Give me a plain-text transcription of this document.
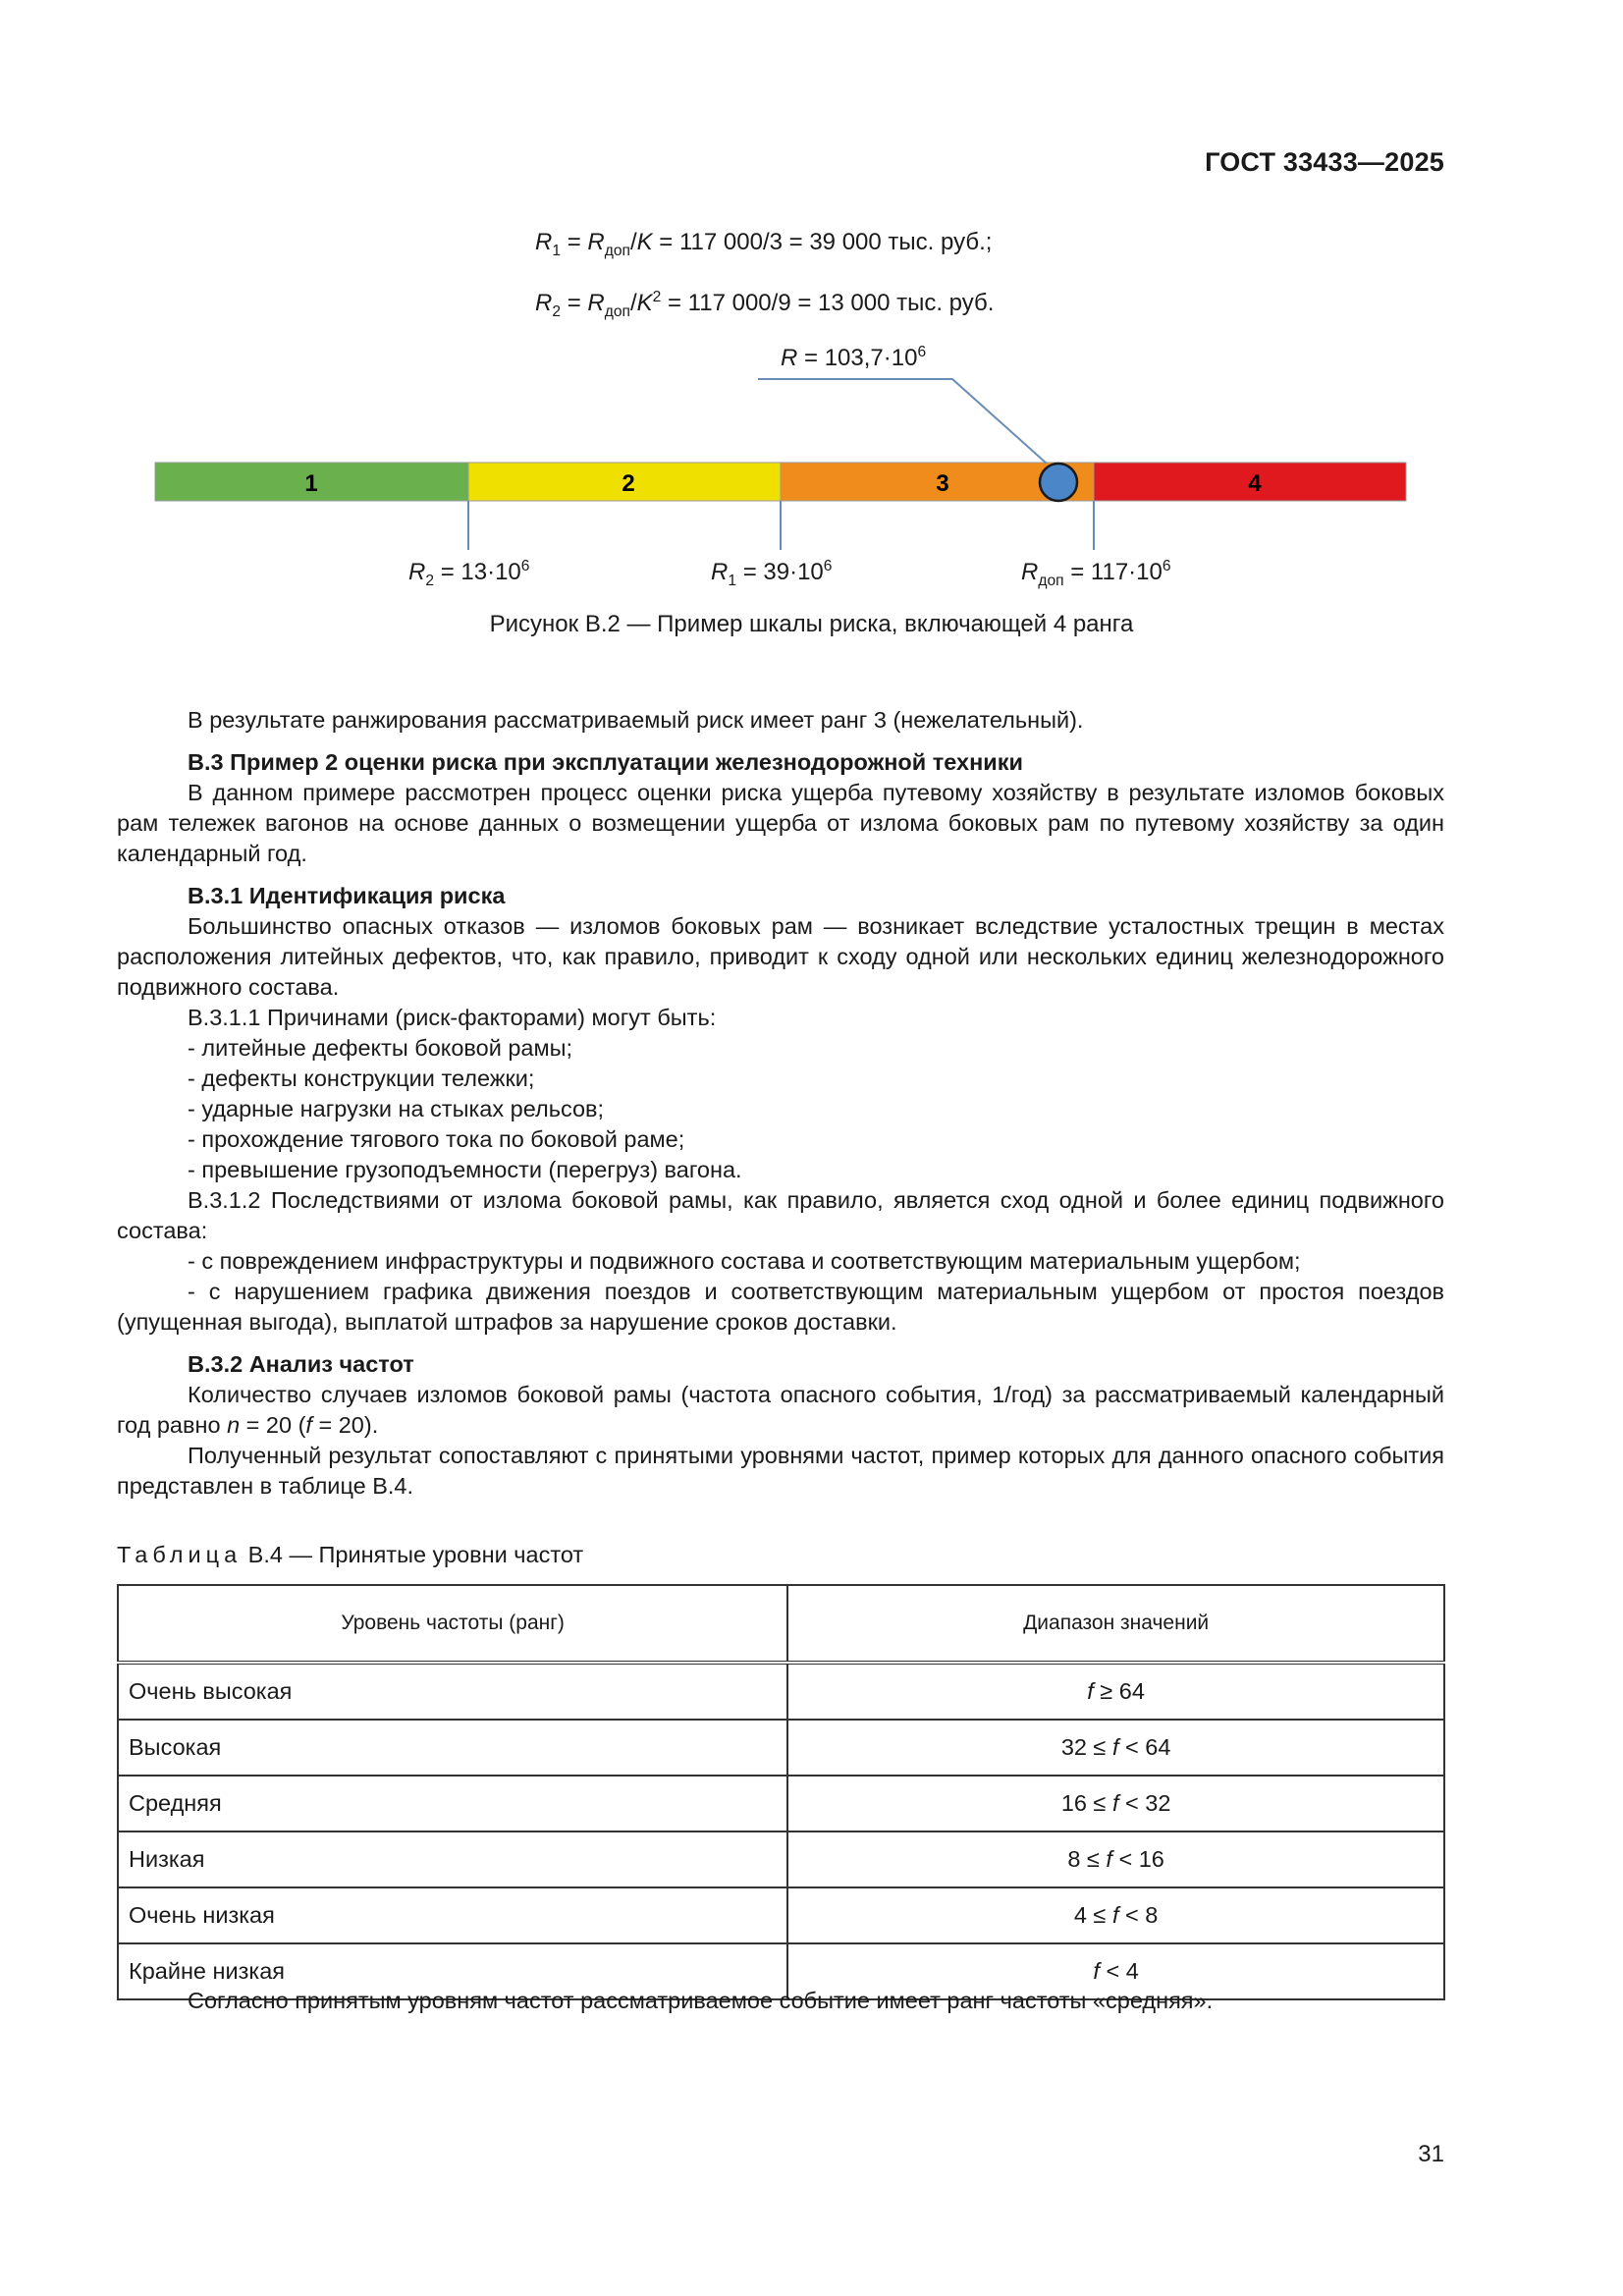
ГОСТ 33433—2025
$R_1 = R_{доп}/K = 117$ 000/3 = 39 000 тыс. руб.;
$R_2 = R_{доп}/K^2 = 117$ 000/9 = 13 000 тыс. руб.
1	2	3	4
$R = 103,7\cdot 10^6$
$R_2 = 13\cdot 10^6$	$R_1 = 39\cdot 10^6$	$R_{доп} = 117\cdot 10^6$
Рисунок В.2 — Пример шкалы риска, включающей 4 ранга

В результате ранжирования рассматриваемый риск имеет ранг 3 (нежелательный).

В.3 Пример 2 оценки риска при эксплуатации железнодорожной техники

В данном примере рассмотрен процесс оценки риска ущерба путевому хозяйству в результате изломов боковых рам тележек вагонов на основе данных о возмещении ущерба от излома боковых рам по путевому хозяйству за один календарный год.

В.3.1 Идентификация риска

Большинство опасных отказов — изломов боковых рам — возникает вследствие усталостных трещин в местах расположения литейных дефектов, что, как правило, приводит к сходу одной или нескольких единиц железнодорожного подвижного состава.

В.3.1.1 Причинами (риск-факторами) могут быть:

- литейные дефекты боковой рамы;

- дефекты конструкции тележки;

- ударные нагрузки на стыках рельсов;

- прохождение тягового тока по боковой раме;

- превышение грузоподъемности (перегруз) вагона.

В.3.1.2 Последствиями от излома боковой рамы, как правило, является сход одной и более единиц подвижного состава:

- с повреждением инфраструктуры и подвижного состава и соответствующим материальным ущербом;

- с нарушением графика движения поездов и соответствующим материальным ущербом от простоя поездов (упущенная выгода), выплатой штрафов за нарушение сроков доставки.

В.3.2 Анализ частот

Количество случаев изломов боковой рамы (частота опасного события, 1/год) за рассматриваемый календарный год равно n = 20 (f = 20).

Полученный результат сопоставляют с принятыми уровнями частот, пример которых для данного опасного события представлен в таблице В.4.

Таблица В.4 — Принятые уровни частот
Уровень частоты (ранг)	Диапазон значений
Очень высокая	f ≥ 64
Высокая	32 ≤ f < 64
Средняя	16 ≤ f < 32
Низкая	8 ≤ f < 16
Очень низкая	4 ≤ f < 8
Крайне низкая	f < 4
Согласно принятым уровням частот рассматриваемое событие имеет ранг частоты «средняя».
31
